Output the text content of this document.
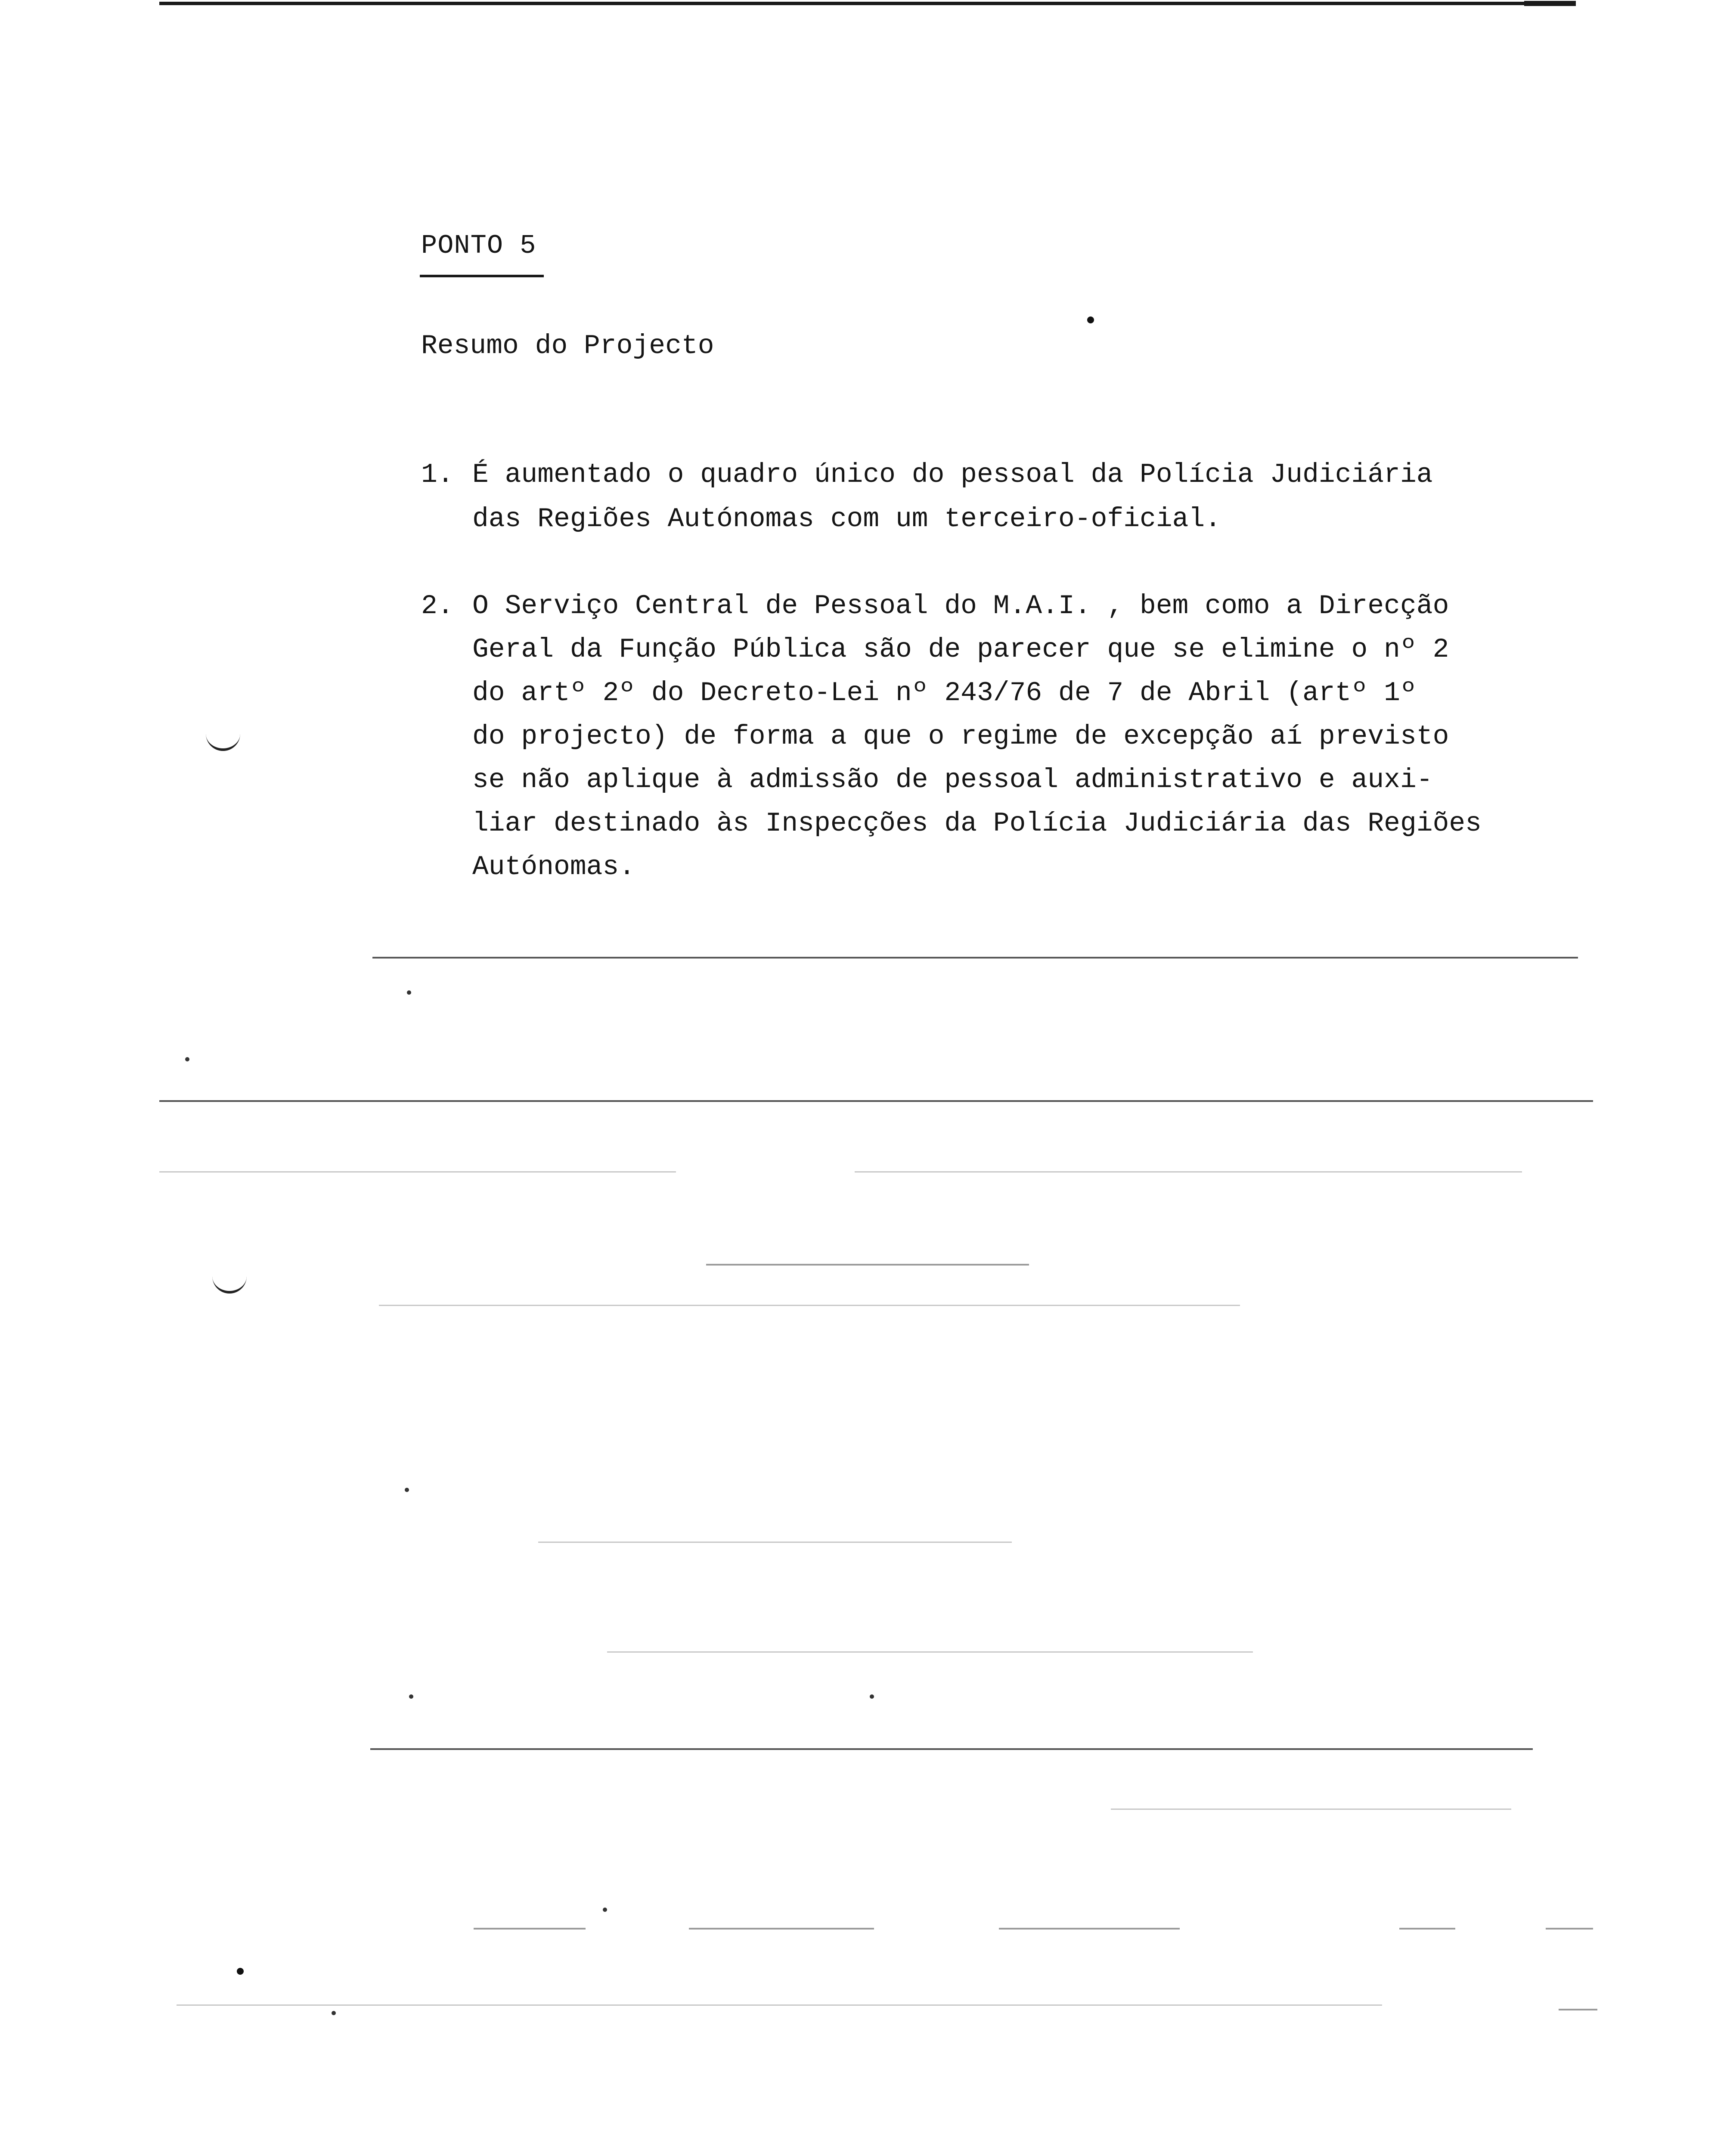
PONTO 5
Resumo do Projecto
1. É aumentado o quadro único do pessoal da Polícia Judiciária
das Regiões Autónomas com um terceiro-oficial.
2. O Serviço Central de Pessoal do M.A.I. , bem como a Direcção
Geral da Função Pública são de parecer que se elimine o nº 2
do artº 2º do Decreto-Lei nº 243/76 de 7 de Abril (artº 1º
do projecto) de forma a que o regime de excepção aí previsto
se não aplique à admissão de pessoal administrativo e auxi-
liar destinado às Inspecções da Polícia Judiciária das Regiões
Autónomas.
